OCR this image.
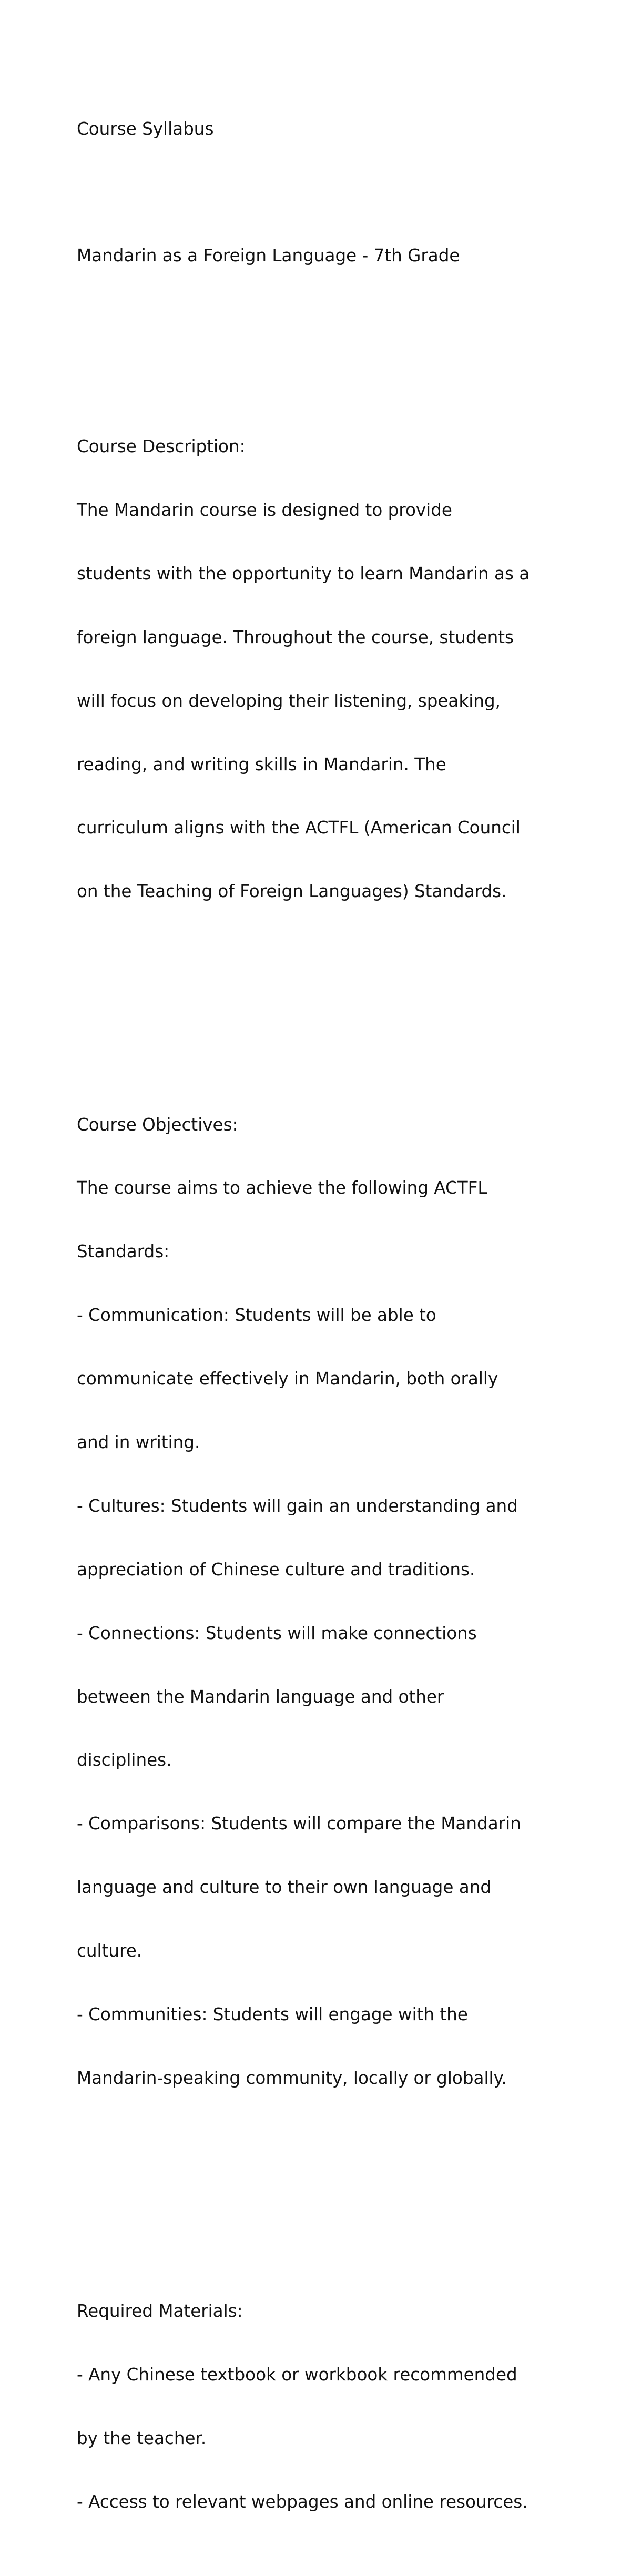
Course Syllabus

Mandarin as a Foreign Language - 7th Grade

Course Description:

The Mandarin course is designed to provide

students with the opportunity to learn Mandarin as a

foreign language. Throughout the course, students

will focus on developing their listening, speaking,

reading, and writing skills in Mandarin. The

curriculum aligns with the ACTFL (American Council

on the Teaching of Foreign Languages) Standards.

Course Objectives:

The course aims to achieve the following ACTFL

Standards:

- Communication: Students will be able to

communicate effectively in Mandarin, both orally

and in writing.

- Cultures: Students will gain an understanding and

appreciation of Chinese culture and traditions.

- Connections: Students will make connections

between the Mandarin language and other

disciplines.

- Comparisons: Students will compare the Mandarin

language and culture to their own language and

culture.

- Communities: Students will engage with the

Mandarin-speaking community, locally or globally.

Required Materials:

- Any Chinese textbook or workbook recommended

by the teacher.

- Access to relevant webpages and online resources.
